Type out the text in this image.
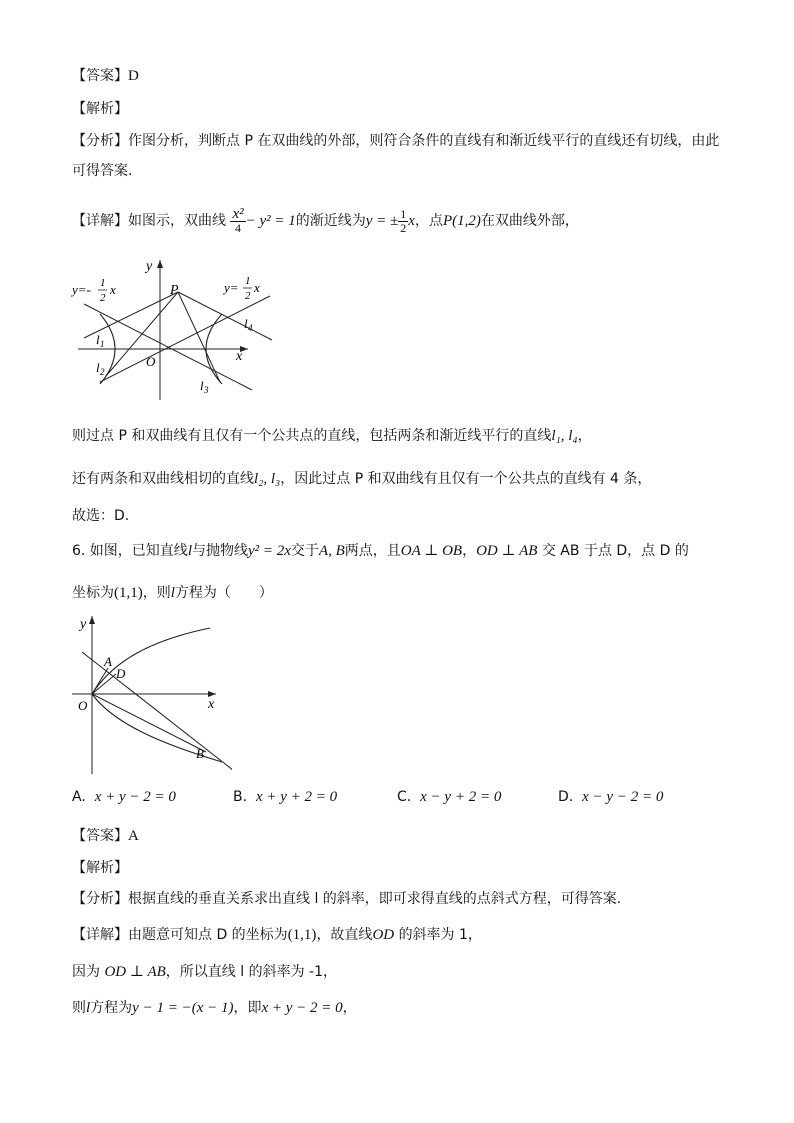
【答案】D
【解析】
【分析】作图分析，判断点 P 在双曲线的外部，则符合条件的直线有和渐近线平行的直线还有切线，由此
可得答案.
【详解】如图示，双曲线 $\frac{\text{x²}}{4} - y^2 = 1$的渐近线为y = ± $\frac{1}{2}$ x，点P(1,2)在双曲线外部，
y
x
O
P
y=- 1
2
x	y= 1
2
x
l 1
l 2
l 3
l 4
则过点 P 和双曲线有且仅有一个公共点的直线，包括两条和渐近线平行的直线l₁, l₄，
还有两条和双曲线相切的直线l₂, l₃，因此过点 P 和双曲线有且仅有一个公共点的直线有 4 条，
故选：D.
6. 如图，已知直线l与抛物线y² = 2x交于A, B两点，且OA ⊥ OB，OD ⊥ AB 交 AB 于点 D，点 D 的
坐标为(1,1)，则l方程为（　　）
y
x
O
A
D
B
A. x + y − 2 = 0	B. x + y + 2 = 0	C. x − y + 2 = 0	D. x − y − 2 = 0
【答案】A
【解析】
【分析】根据直线的垂直关系求出直线 l 的斜率，即可求得直线的点斜式方程，可得答案.
【详解】由题意可知点 D 的坐标为(1,1)，故直线OD 的斜率为 1，
因为 OD ⊥ AB，所以直线 l 的斜率为 -1，
则l方程为y − 1 = −(x − 1)，即x + y − 2 = 0，
